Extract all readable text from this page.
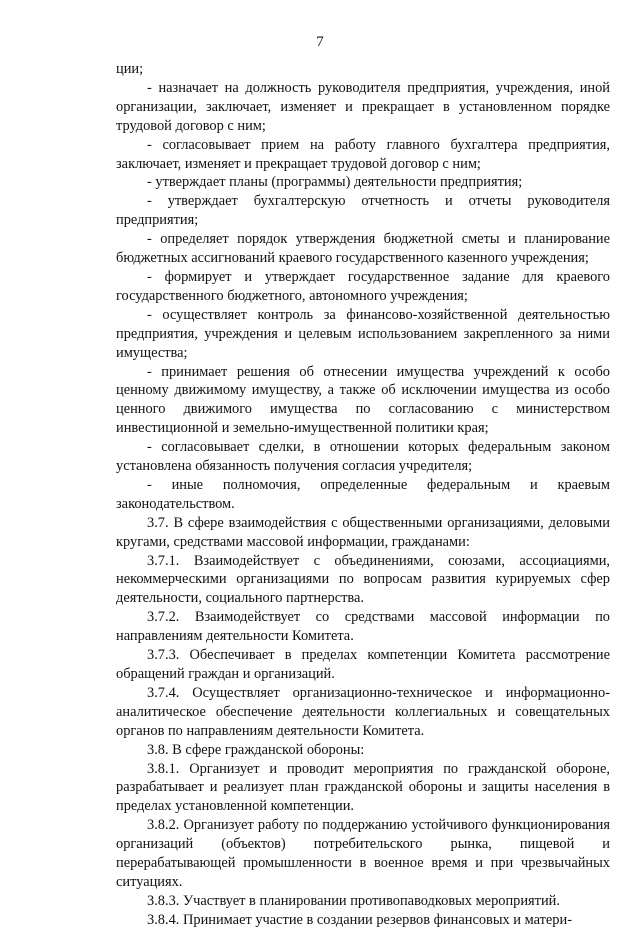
7

ции;

- назначает на должность руководителя предприятия, учреждения, иной организации, заключает, изменяет и прекращает в установленном порядке трудовой договор с ним;

- согласовывает прием на работу главного бухгалтера предприятия, заключает, изменяет и прекращает трудовой договор с ним;

- утверждает планы (программы) деятельности предприятия;

- утверждает бухгалтерскую отчетность и отчеты руководителя предприятия;

- определяет порядок утверждения бюджетной сметы и планирование бюджетных ассигнований краевого государственного казенного учреждения;

- формирует и утверждает государственное задание для краевого государственного бюджетного, автономного учреждения;

- осуществляет контроль за финансово-хозяйственной деятельностью предприятия, учреждения и целевым использованием закрепленного за ними имущества;

- принимает решения об отнесении имущества учреждений к особо ценному движимому имуществу, а также об исключении имущества из особо ценного движимого имущества по согласованию с министерством инвестиционной и земельно-имущественной политики края;

- согласовывает сделки, в отношении которых федеральным законом установлена обязанность получения согласия учредителя;

- иные полномочия, определенные федеральным и краевым законодательством.

3.7. В сфере взаимодействия с общественными организациями, деловыми кругами, средствами массовой информации, гражданами:

3.7.1. Взаимодействует с объединениями, союзами, ассоциациями, некоммерческими организациями по вопросам развития курируемых сфер деятельности, социального партнерства.

3.7.2. Взаимодействует со средствами массовой информации по направлениям деятельности Комитета.

3.7.3. Обеспечивает в пределах компетенции Комитета рассмотрение обращений граждан и организаций.

3.7.4. Осуществляет организационно-техническое и информационно-аналитическое обеспечение деятельности коллегиальных и совещательных органов по направлениям деятельности Комитета.

3.8. В сфере гражданской обороны:

3.8.1. Организует и проводит мероприятия по гражданской обороне, разрабатывает и реализует план гражданской обороны и защиты населения в пределах установленной компетенции.

3.8.2. Организует работу по поддержанию устойчивого функционирования организаций (объектов) потребительского рынка, пищевой и перерабатывающей промышленности в военное время и при чрезвычайных ситуациях.

3.8.3. Участвует в планировании противопаводковых мероприятий.

3.8.4. Принимает участие в создании резервов финансовых и матери-
